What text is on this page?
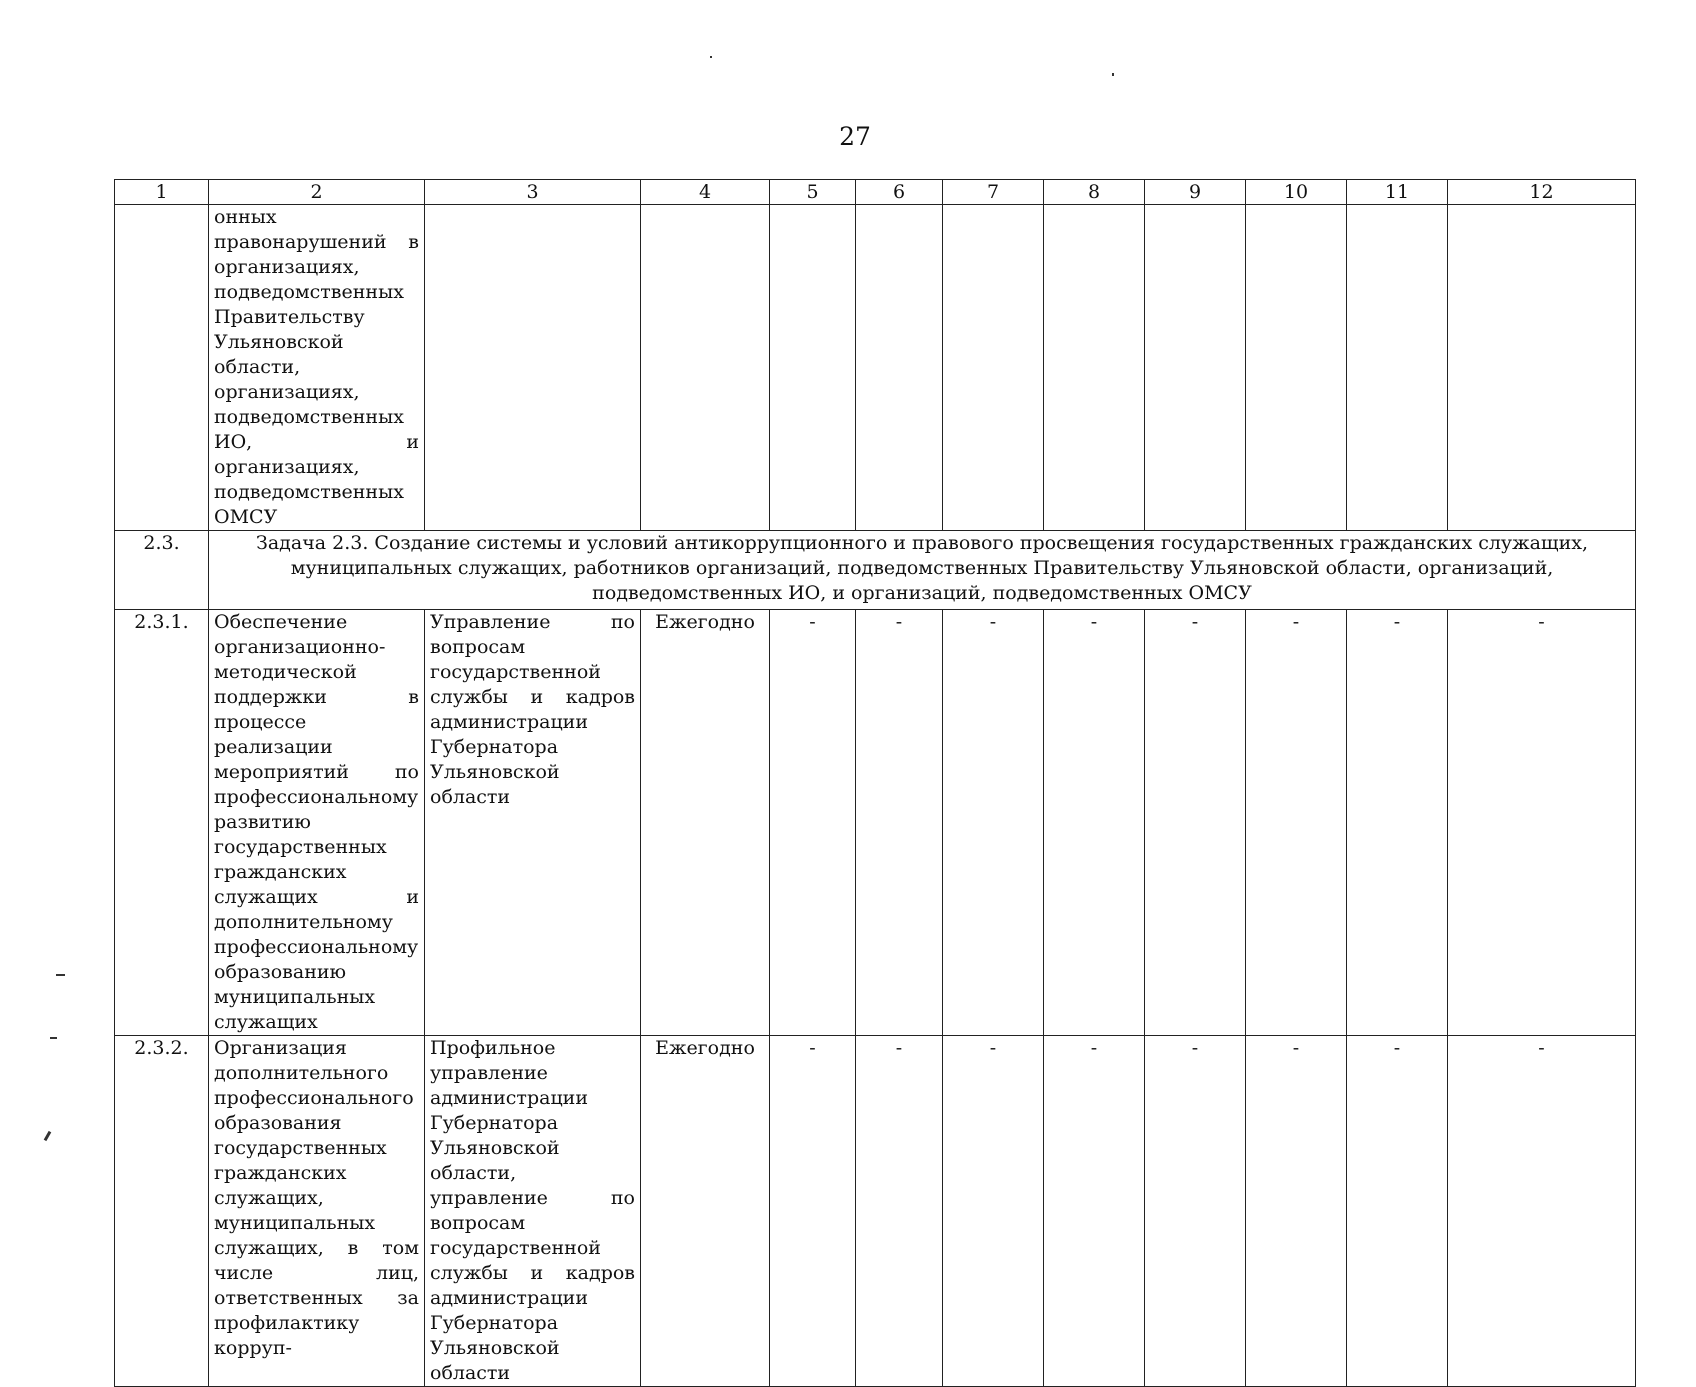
27
1	2	3	4	5	6	7	8	9	10	11	12
	онных правонарушений в организациях, подведомственных Правительству Ульяновской области, организациях, подведомственных ИО, и организациях, подведомственных ОМСУ										
2.3.	Задача 2.3. Создание системы и условий антикоррупционного и правового просвещения государственных гражданских служащих, муниципальных служащих, работников организаций, подведомственных Правительству Ульяновской области, организаций, подведомственных ИО, и организаций, подведомственных ОМСУ										
2.3.1.	Обеспечение организационно-методической поддержки в процессе реализации мероприятий по профессиональному развитию государственных гражданских служащих и дополнительному профессиональному образованию муниципальных служащих	Управление по вопросам государственной службы и кадров администрации Губернатора Ульяновской области	Ежегодно	-	-	-	-	-	-	-	-
2.3.2.	Организация дополнительного профессионального образования государственных гражданских служащих, муниципальных служащих, в том числе лиц, ответственных за профилактику корруп-	Профильное управление администрации Губернатора Ульяновской области, управление по вопросам государственной службы и кадров администрации Губернатора Ульяновской области	Ежегодно	-	-	-	-	-	-	-	-
